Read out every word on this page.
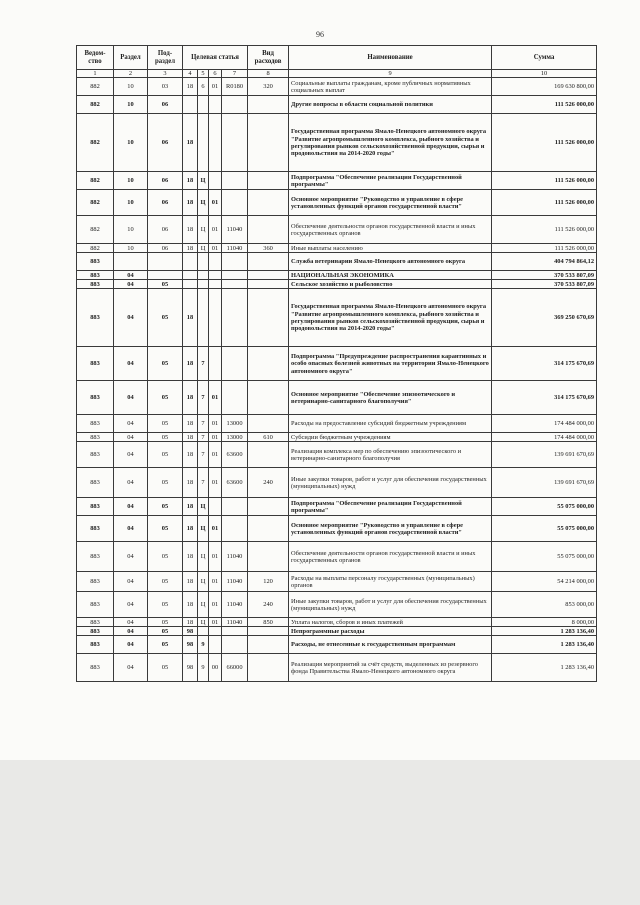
96
Ведом-ство	Раздел	Под-раздел	Целевая статья				Вид расходов	Наименование	Сумма
1	2	3	4	5	6	7	8	9	10
882	10	03	18	6	01	R0180	320	Социальные выплаты гражданам, кроме публичных нормативных социальных выплат	169 630 800,00
882	10	06						Другие вопросы в области социальной политики	111 526 000,00
882	10	06	18					Государственная программа Ямало-Ненецкого автономного округа "Развитие агропромышленного комплекса, рыбного хозяйства и регулирования рынков сельскохозяйственной продукции, сырья и продовольствия на 2014-2020 годы"	111 526 000,00
882	10	06	18	Ц				Подпрограмма "Обеспечение реализации Государственной программы"	111 526 000,00
882	10	06	18	Ц	01			Основное мероприятие "Руководство и управление в сфере установленных функций органов государственной власти"	111 526 000,00
882	10	06	18	Ц	01	11040		Обеспечение деятельности органов государственной власти и иных государственных органов	111 526 000,00
882	10	06	18	Ц	01	11040	360	Иные выплаты населению	111 526 000,00
883								Служба ветеринарии Ямало-Ненецкого автономного округа	404 794 864,12
883	04							НАЦИОНАЛЬНАЯ ЭКОНОМИКА	370 533 807,09
883	04	05						Сельское хозяйство и рыболовство	370 533 807,09
883	04	05	18					Государственная программа Ямало-Ненецкого автономного округа "Развитие агропромышленного комплекса, рыбного хозяйства и регулирования рынков сельскохозяйственной продукции, сырья и продовольствия на 2014-2020 годы"	369 250 670,69
883	04	05	18	7				Подпрограмма "Предупреждение распространения карантинных и особо опасных болезней животных на территории Ямало-Ненецкого автономного округа"	314 175 670,69
883	04	05	18	7	01			Основное мероприятие "Обеспечение эпизоотического и ветеринарно-санитарного благополучия"	314 175 670,69
883	04	05	18	7	01	13000		Расходы на предоставление субсидий бюджетным учреждениям	174 484 000,00
883	04	05	18	7	01	13000	610	Субсидии бюджетным учреждениям	174 484 000,00
883	04	05	18	7	01	63600		Реализация комплекса мер по обеспечению эпизоотического и ветеринарно-санитарного благополучия	139 691 670,69
883	04	05	18	7	01	63600	240	Иные закупки товаров, работ и услуг для обеспечения государственных (муниципальных) нужд	139 691 670,69
883	04	05	18	Ц				Подпрограмма "Обеспечение реализации Государственной программы"	55 075 000,00
883	04	05	18	Ц	01			Основное мероприятие "Руководство и управление в сфере установленных функций органов государственной власти"	55 075 000,00
883	04	05	18	Ц	01	11040		Обеспечение деятельности органов государственной власти и иных государственных органов	55 075 000,00
883	04	05	18	Ц	01	11040	120	Расходы на выплаты персоналу государственных (муниципальных) органов	54 214 000,00
883	04	05	18	Ц	01	11040	240	Иные закупки товаров, работ и услуг для обеспечения государственных (муниципальных) нужд	853 000,00
883	04	05	18	Ц	01	11040	850	Уплата налогов, сборов и иных платежей	8 000,00
883	04	05	98					Непрограммные расходы	1 283 136,40
883	04	05	98	9				Расходы, не отнесенные к государственным программам	1 283 136,40
883	04	05	98	9	00	66000		Реализация мероприятий за счёт средств, выделенных из резервного фонда Правительства Ямало-Ненецкого автономного округа	1 283 136,40
